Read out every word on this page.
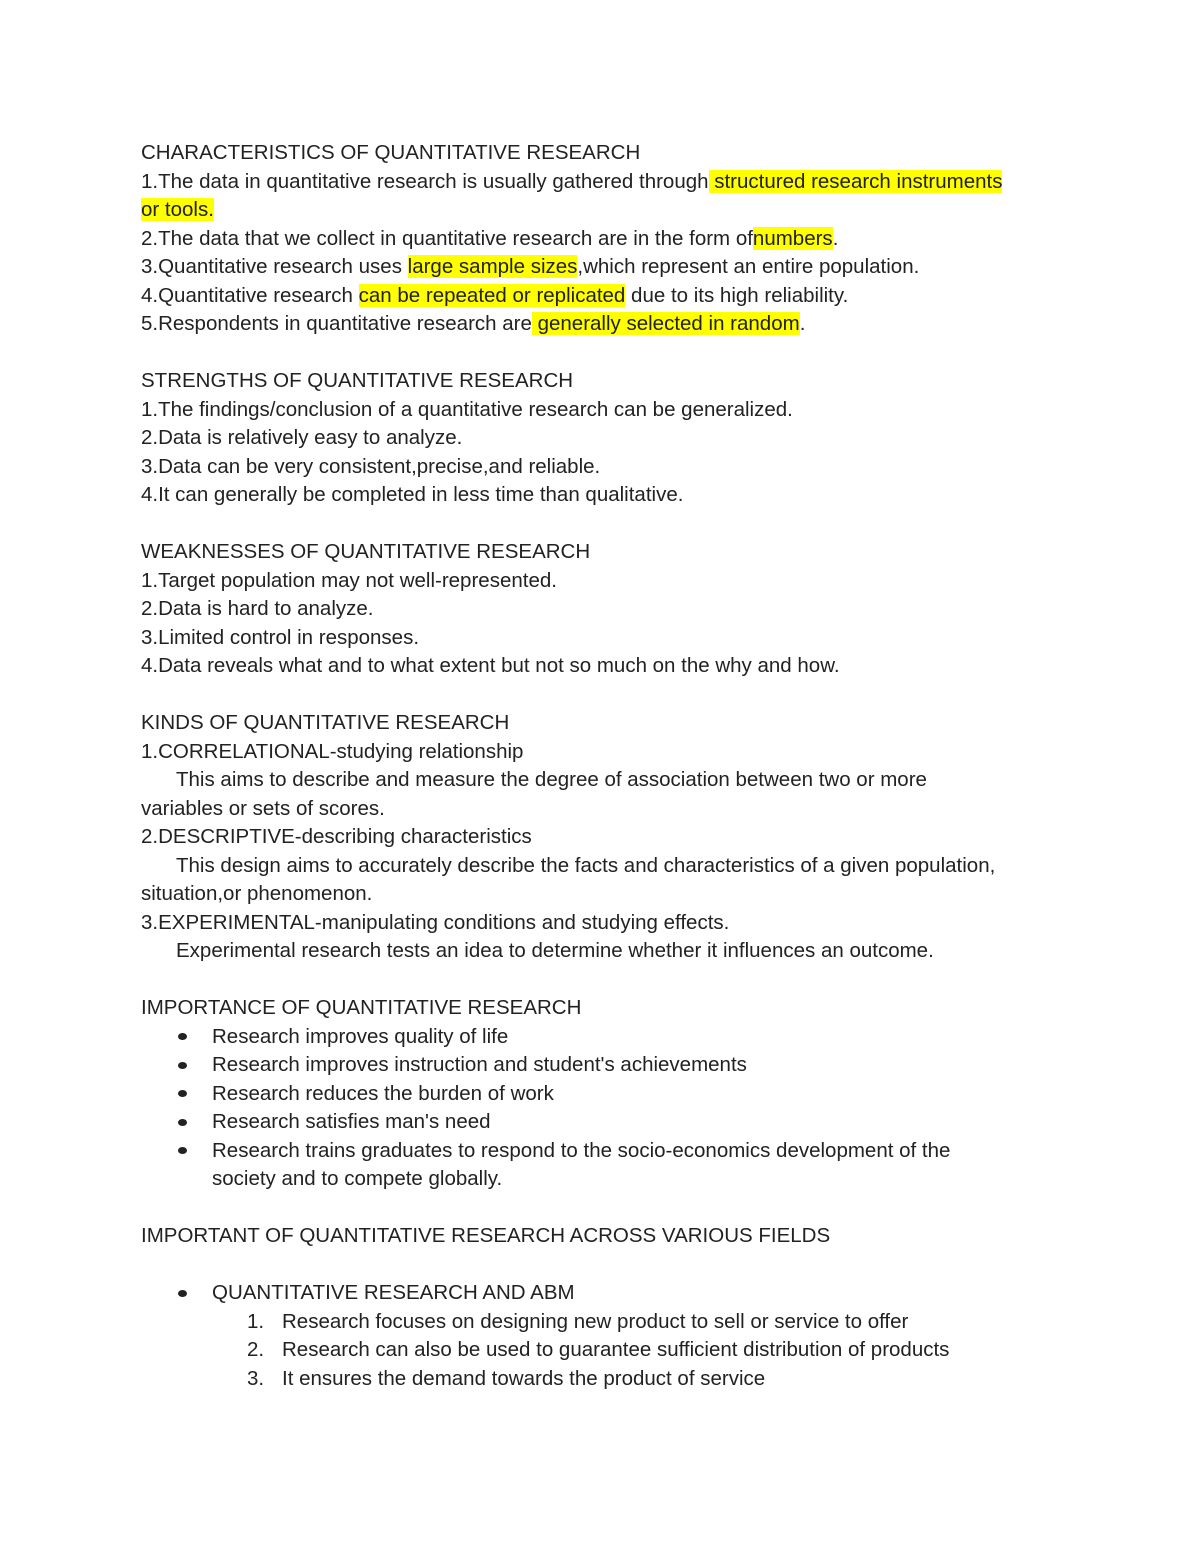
CHARACTERISTICS OF QUANTITATIVE RESEARCH
1.The data in quantitative research is usually gathered through structured research instruments
or tools.
2.The data that we collect in quantitative research are in the form ofnumbers.
3.Quantitative research uses large sample sizes,which represent an entire population.
4.Quantitative research can be repeated or replicated due to its high reliability.
5.Respondents in quantitative research are generally selected in random.
STRENGTHS OF QUANTITATIVE RESEARCH
1.The findings/conclusion of a quantitative research can be generalized.
2.Data is relatively easy to analyze.
3.Data can be very consistent,precise,and reliable.
4.It can generally be completed in less time than qualitative.
WEAKNESSES OF QUANTITATIVE RESEARCH
1.Target population may not well-represented.
2.Data is hard to analyze.
3.Limited control in responses.
4.Data reveals what and to what extent but not so much on the why and how.
KINDS OF QUANTITATIVE RESEARCH
1.CORRELATIONAL-studying relationship
This aims to describe and measure the degree of association between two or more
variables or sets of scores.
2.DESCRIPTIVE-describing characteristics
This design aims to accurately describe the facts and characteristics of a given population,
situation,or phenomenon.
3.EXPERIMENTAL-manipulating conditions and studying effects.
Experimental research tests an idea to determine whether it influences an outcome.
IMPORTANCE OF QUANTITATIVE RESEARCH
Research improves quality of life
Research improves instruction and student's achievements
Research reduces the burden of work
Research satisfies man's need
Research trains graduates to respond to the socio-economics development of the
society and to compete globally.
IMPORTANT OF QUANTITATIVE RESEARCH ACROSS VARIOUS FIELDS
QUANTITATIVE RESEARCH AND ABM
1. Research focuses on designing new product to sell or service to offer
2. Research can also be used to guarantee sufficient distribution of products
3. It ensures the demand towards the product of service
